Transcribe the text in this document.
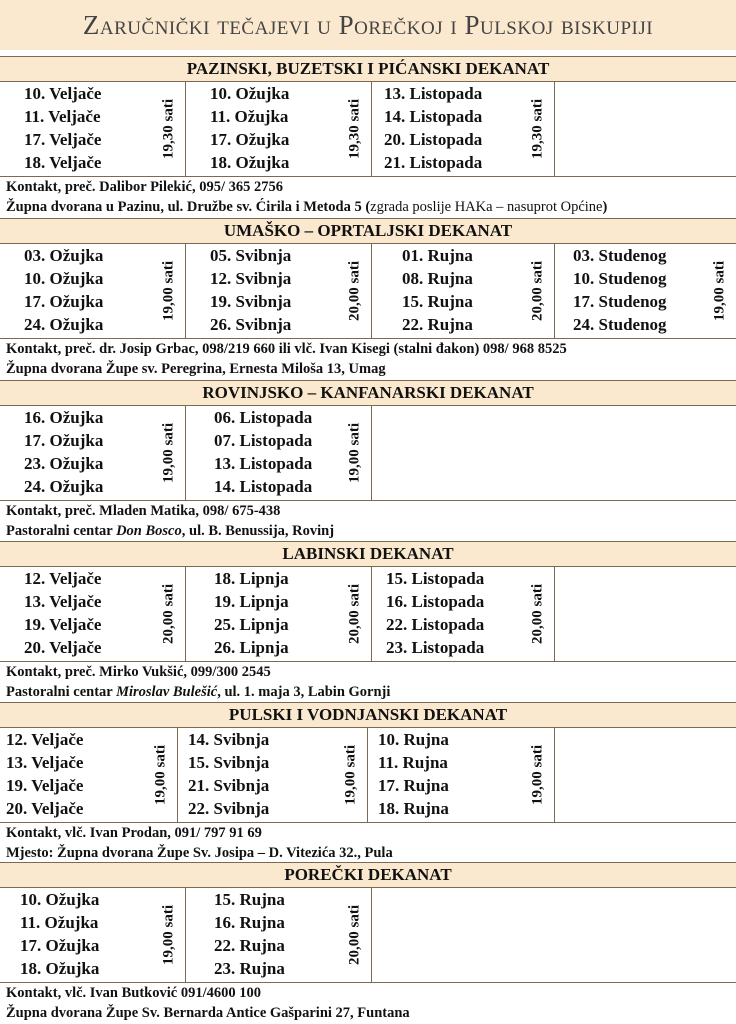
Zaručnički tečajevi u Porečkoj i Pulskoj biskupiji
PAZINSKI, BUZETSKI I PIĆANSKI DEKANAT
10. Veljače
11. Veljače
17. Veljače
18. Veljače
19,30 sati
10. Ožujka
11. Ožujka
17. Ožujka
18. Ožujka
19,30 sati
13. Listopada
14. Listopada
20. Listopada
21. Listopada
19,30 sati
Kontakt, preč. Dalibor Pilekić, 095/ 365 2756
Župna dvorana u Pazinu, ul. Družbe sv. Ćirila i Metoda 5 (zgrada poslije HAKa – nasuprot Općine)
UMAŠKO – OPRTALJSKI DEKANAT
03. Ožujka
10. Ožujka
17. Ožujka
24. Ožujka
19,00 sati
05. Svibnja
12. Svibnja
19. Svibnja
26. Svibnja
20,00 sati
01. Rujna
08. Rujna
15. Rujna
22. Rujna
20,00 sati
03. Studenog
10. Studenog
17. Studenog
24. Studenog
19,00 sati
Kontakt, preč. dr. Josip Grbac, 098/219 660 ili vlč. Ivan Kisegi (stalni đakon) 098/ 968 8525
Župna dvorana Župe sv. Peregrina, Ernesta Miloša 13, Umag
ROVINJSKO – KANFANARSKI DEKANAT
16. Ožujka
17. Ožujka
23. Ožujka
24. Ožujka
19,00 sati
06. Listopada
07. Listopada
13. Listopada
14. Listopada
19,00 sati
Kontakt, preč. Mladen Matika, 098/ 675-438
Pastoralni centar Don Bosco, ul. B. Benussija, Rovinj
LABINSKI DEKANAT
12. Veljače
13. Veljače
19. Veljače
20. Veljače
20,00 sati
18. Lipnja
19. Lipnja
25. Lipnja
26. Lipnja
20,00 sati
15. Listopada
16. Listopada
22. Listopada
23. Listopada
20,00 sati
Kontakt, preč. Mirko Vukšić, 099/300 2545
Pastoralni centar Miroslav Bulešić, ul. 1. maja 3, Labin Gornji
PULSKI I VODNJANSKI DEKANAT
12. Veljače
13. Veljače
19. Veljače
20. Veljače
19,00 sati
14. Svibnja
15. Svibnja
21. Svibnja
22. Svibnja
19,00 sati
10. Rujna
11. Rujna
17. Rujna
18. Rujna
19,00 sati
Kontakt, vlč. Ivan Prodan, 091/ 797 91 69
Mjesto: Župna dvorana Župe Sv. Josipa – D. Vitezića 32., Pula
POREČKI DEKANAT
10. Ožujka
11. Ožujka
17. Ožujka
18. Ožujka
19,00 sati
15. Rujna
16. Rujna
22. Rujna
23. Rujna
20,00 sati
Kontakt, vlč. Ivan Butković 091/4600 100
Župna dvorana Župe Sv. Bernarda Antice Gašparini 27, Funtana
